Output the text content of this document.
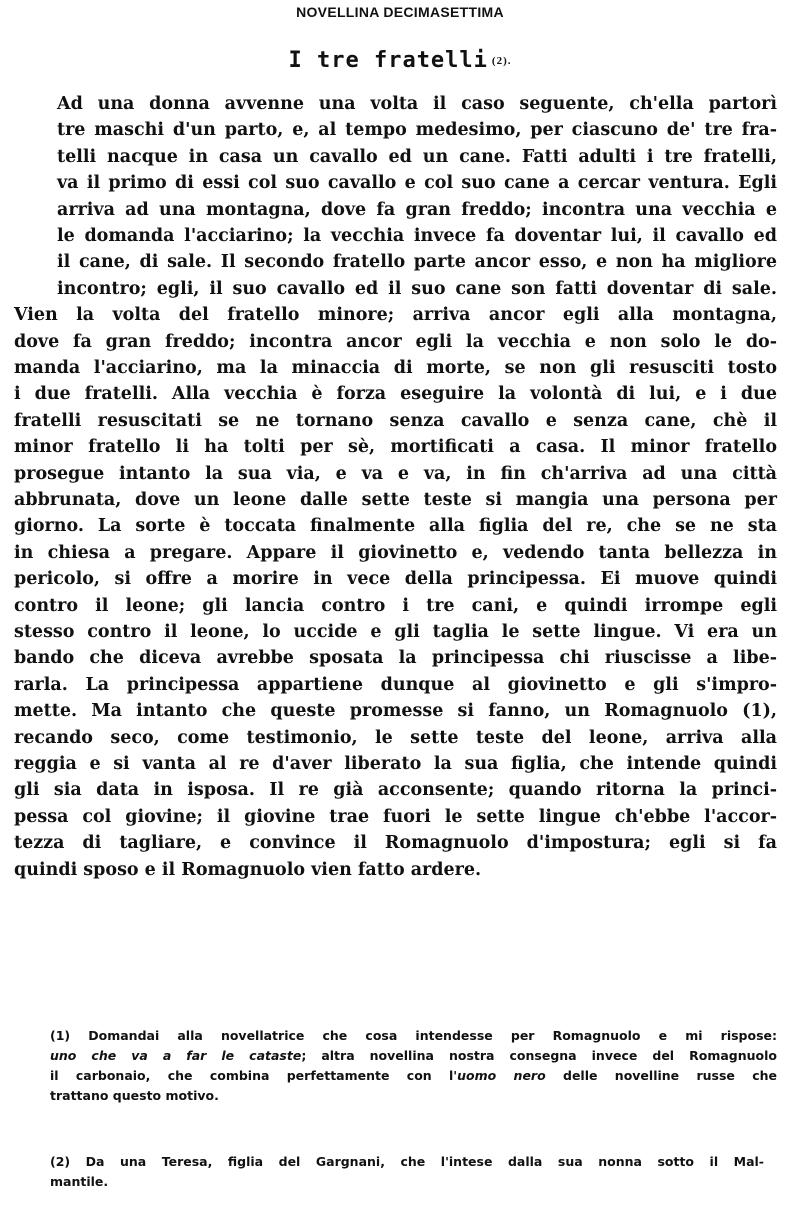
NOVELLINA DECIMASETTIMA
I tre fratelli (2).
Ad una donna avvenne una volta il caso seguente, ch'ella partorì
tre maschi d'un parto, e, al tempo medesimo, per ciascuno de' tre fra-
telli nacque in casa un cavallo ed un cane. Fatti adulti i tre fratelli,
va il primo di essi col suo cavallo e col suo cane a cercar ventura. Egli
arriva ad una montagna, dove fa gran freddo; incontra una vecchia e
le domanda l'acciarino; la vecchia invece fa doventar lui, il cavallo ed
il cane, di sale. Il secondo fratello parte ancor esso, e non ha migliore
incontro; egli, il suo cavallo ed il suo cane son fatti doventar di sale.
Vien la volta del fratello minore; arriva ancor egli alla montagna,
dove fa gran freddo; incontra ancor egli la vecchia e non solo le do-
manda l'acciarino, ma la minaccia di morte, se non gli resusciti tosto
i due fratelli. Alla vecchia è forza eseguire la volontà di lui, e i due
fratelli resuscitati se ne tornano senza cavallo e senza cane, chè il
minor fratello li ha tolti per sè, mortificati a casa. Il minor fratello
prosegue intanto la sua via, e va e va, in fin ch'arriva ad una città
abbrunata, dove un leone dalle sette teste si mangia una persona per
giorno. La sorte è toccata finalmente alla figlia del re, che se ne sta
in chiesa a pregare. Appare il giovinetto e, vedendo tanta bellezza in
pericolo, si offre a morire in vece della principessa. Ei muove quindi
contro il leone; gli lancia contro i tre cani, e quindi irrompe egli
stesso contro il leone, lo uccide e gli taglia le sette lingue. Vi era un
bando che diceva avrebbe sposata la principessa chi riuscisse a libe-
rarla. La principessa appartiene dunque al giovinetto e gli s'impro-
mette. Ma intanto che queste promesse si fanno, un Romagnuolo (1),
recando seco, come testimonio, le sette teste del leone, arriva alla
reggia e si vanta al re d'aver liberato la sua figlia, che intende quindi
gli sia data in isposa. Il re già acconsente; quando ritorna la princi-
pessa col giovine; il giovine trae fuori le sette lingue ch'ebbe l'accor-
tezza di tagliare, e convince il Romagnuolo d'impostura; egli si fa
quindi sposo e il Romagnuolo vien fatto ardere.
(1) Domandai alla novellatrice che cosa intendesse per Romagnuolo e mi rispose:
uno che va a far le cataste; altra novellina nostra consegna invece del Romagnuolo
il carbonaio, che combina perfettamente con l'uomo nero delle novelline russe che
trattano questo motivo.
(2) Da una Teresa, figlia del Gargnani, che l'intese dalla sua nonna sotto il Mal-
mantile.
